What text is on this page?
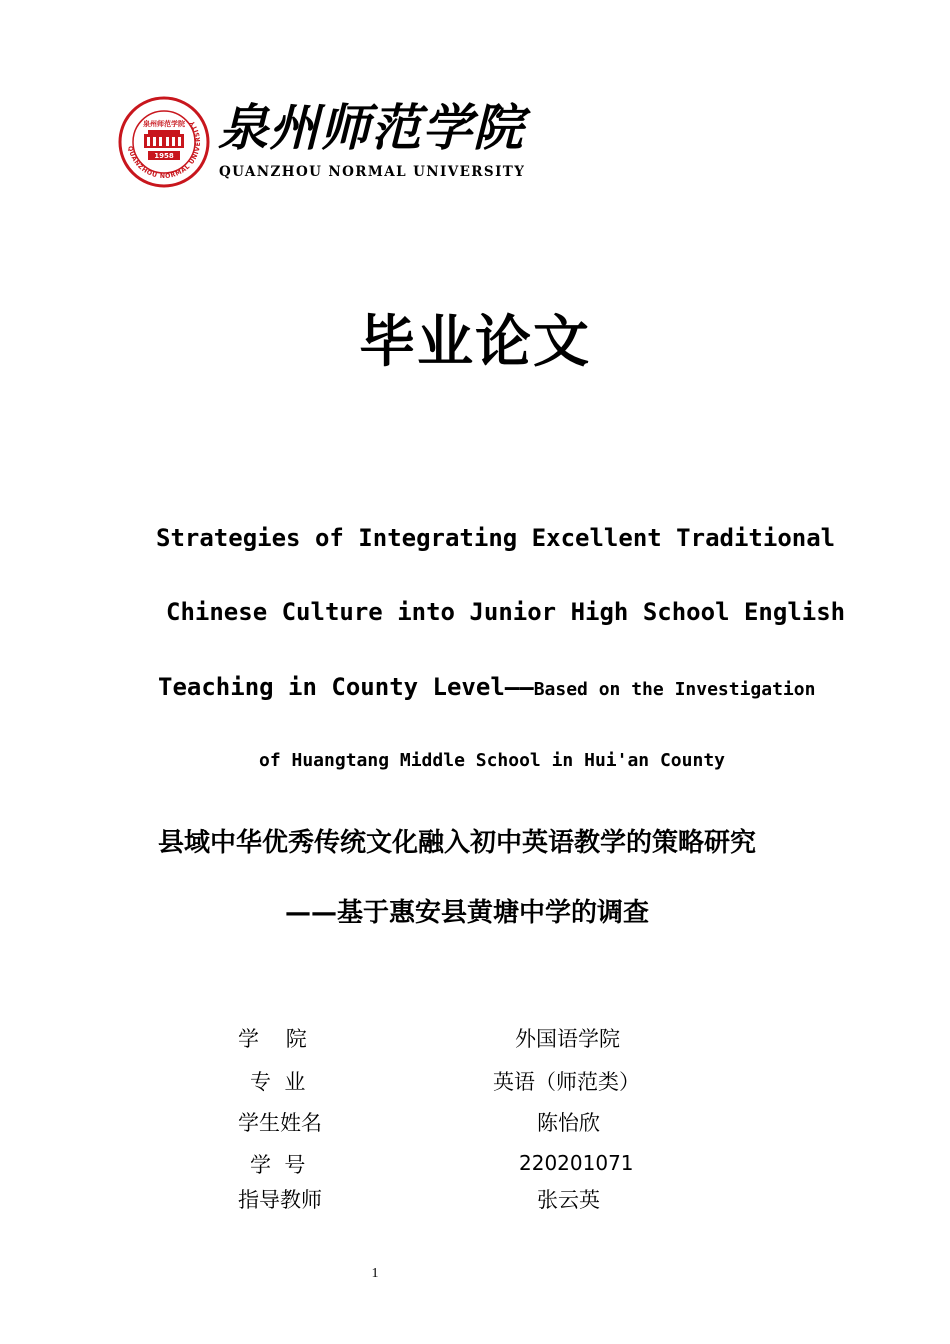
QUANZHOU NORMAL UNIVERSITY
泉州师范学院
1958 泉州师范学院
QUANZHOU NORMAL UNIVERSITY
毕业论文
Strategies of Integrating Excellent Traditional
Chinese Culture into Junior High School English
Teaching in County Level——Based on the Investigation
of Huangtang Middle School in Hui'an County
县域中华优秀传统文化融入初中英语教学的策略研究
——基于惠安县黄塘中学的调查
学    院	外国语学院
专  业	英语（师范类）
学生姓名	陈怡欣
学  号	220201071
指导教师	张云英
1
